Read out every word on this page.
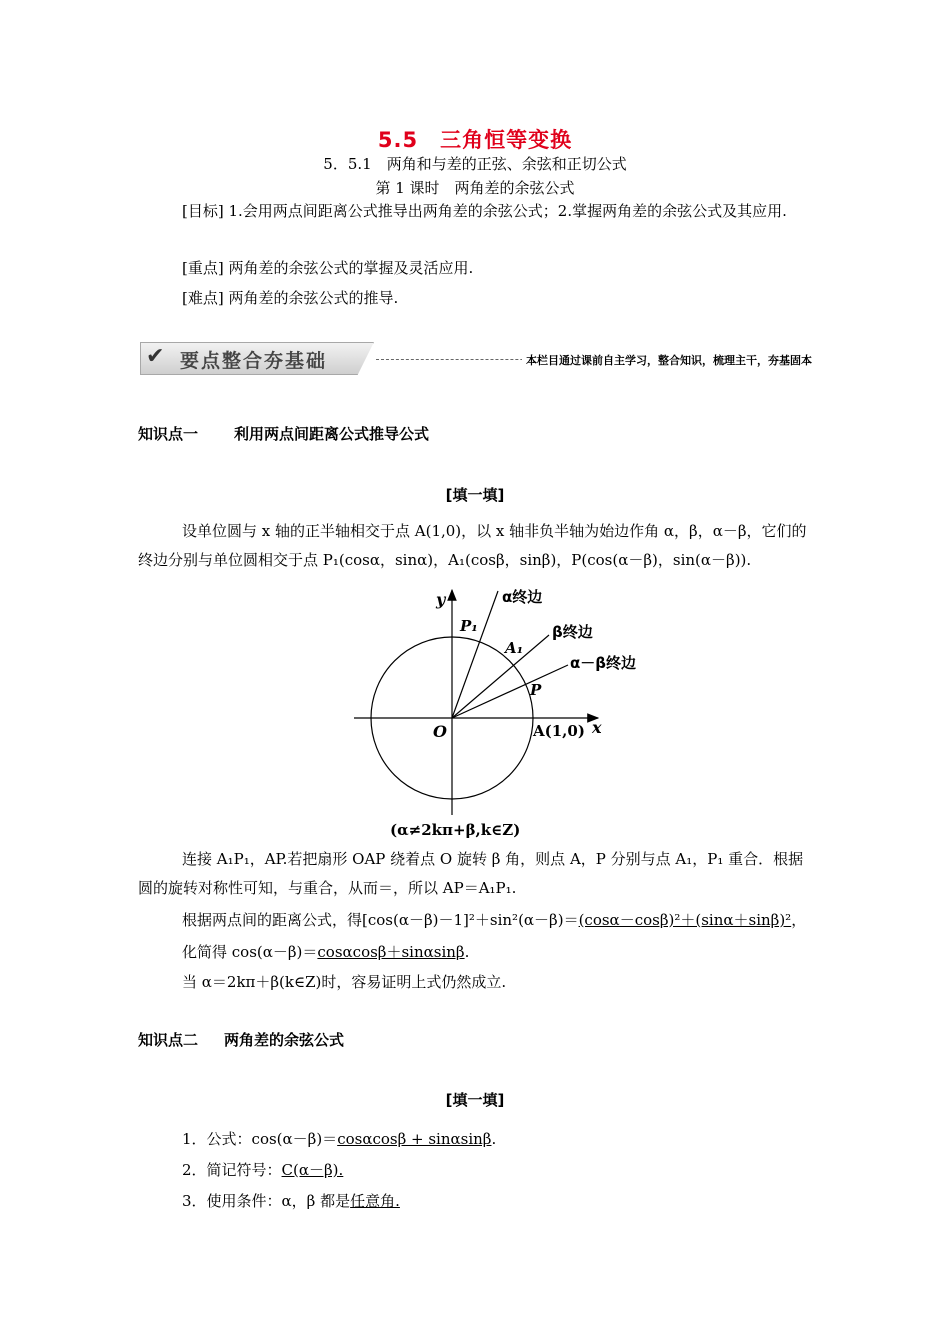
5.5　三角恒等变换
5．5.1　两角和与差的正弦、余弦和正切公式
第 1 课时　两角差的余弦公式
[目标] 1.会用两点间距离公式推导出两角差的余弦公式；2.掌握两角差的余弦公式及其应用.
[重点] 两角差的余弦公式的掌握及灵活应用.
[难点] 两角差的余弦公式的推导.
✔ 要点整合夯基础	本栏目通过课前自主学习，整合知识，梳理主干，夯基固本
知识点一 利用两点间距离公式推导公式
[填一填]
设单位圆与 x 轴的正半轴相交于点 A(1,0)，以 x 轴非负半轴为始边作角 α，β，α－β，它们的终边分别与单位圆相交于点 P₁(cosα，sinα)，A₁(cosβ，sinβ)，P(cos(α－β)，sin(α－β)).
y
x
O	A(1,0)
P₁
A₁
P
α终边
β终边
α－β终边
(α≠2kπ+β,k∈Z)
连接 A₁P₁，AP.若把扇形 OAP 绕着点 O 旋转 β 角，则点 A，P 分别与点 A₁，P₁ 重合．根据圆的旋转对称性可知，与重合，从而＝，所以 AP＝A₁P₁.
根据两点间的距离公式，得[cos(α－β)－1]²＋sin²(α－β)＝(cosα－cosβ)²＋(sinα＋sinβ)²，
化简得 cos(α－β)＝cosαcosβ＋sinαsinβ.
当 α＝2kπ＋β(k∈Z)时，容易证明上式仍然成立.
知识点二 两角差的余弦公式
[填一填]
1．公式：cos(α－β)＝cosαcosβ + sinαsinβ.
2．简记符号：C(α－β).
3．使用条件：α，β 都是任意角.
